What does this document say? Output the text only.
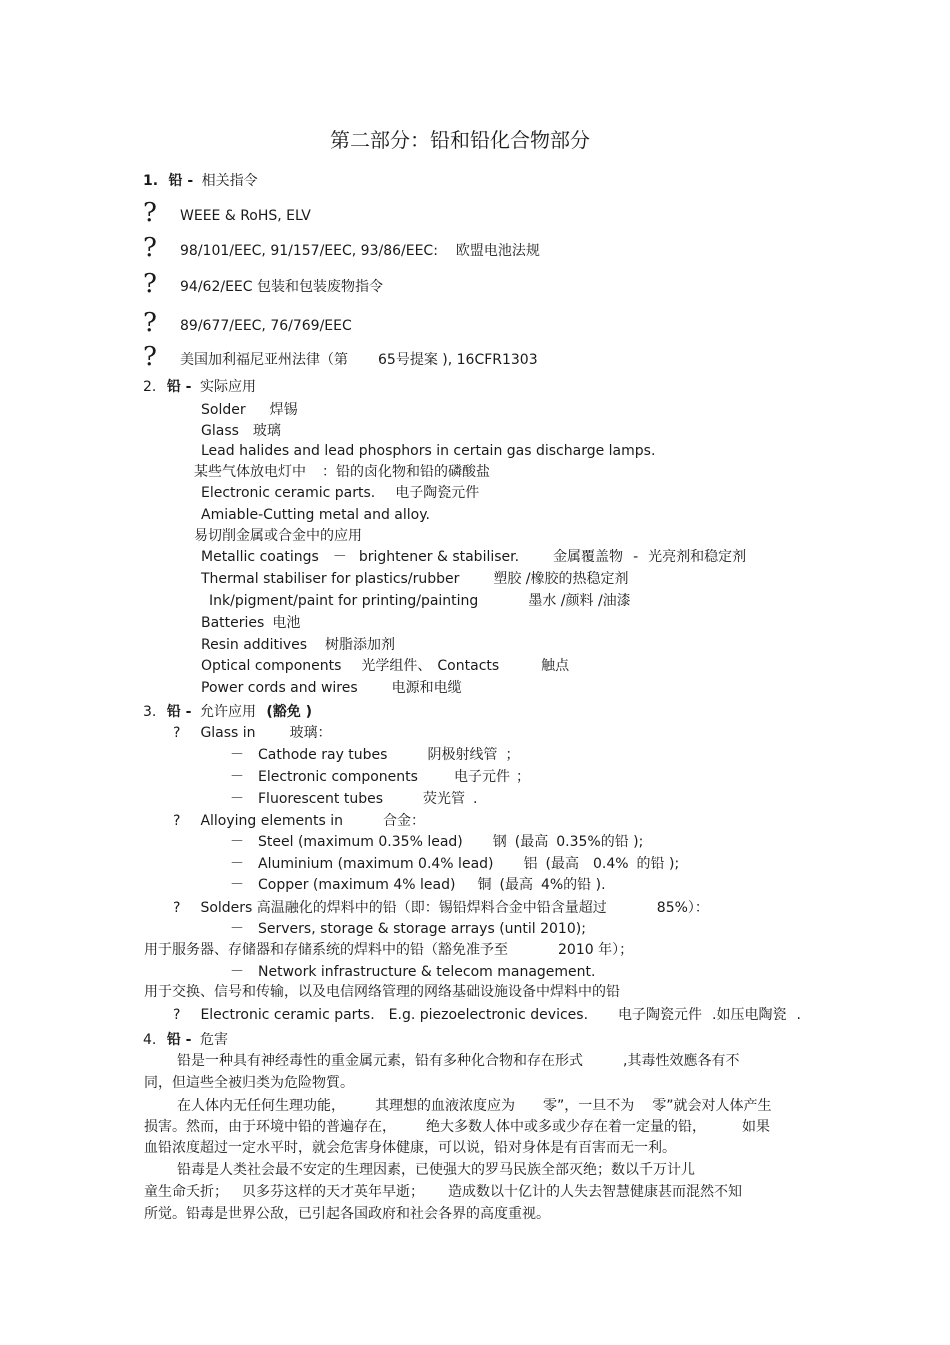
第二部分：铅和铅化合物部分
1. 铅 - 相关指令
? WEEE & RoHS, ELV
? 98/101/EEC, 91/157/EEC, 93/86/EEC: 欧盟电池法规
? 94/62/EEC 包装和包装废物指令
? 89/677/EEC, 76/769/EEC
? 美国加利福尼亚州法律（第 65号提案 ), 16CFR1303
2. 铅 - 实际应用
Solder 焊锡
Glass 玻璃
Lead halides and lead phosphors in certain gas discharge lamps.
某些气体放电灯中 ：铅的卤化物和铅的磷酸盐
Electronic ceramic parts. 电子陶瓷元件
Amiable-Cutting metal and alloy.
易切削金属或合金中的应用
Metallic coatings － brightener & stabiliser. 金属覆盖物 - 光亮剂和稳定剂
Thermal stabiliser for plastics/rubber 塑胶 /橡胶的热稳定剂
Ink/pigment/paint for printing/painting	墨水 /颜料 /油漆
Batteries 电池
Resin additives 树脂添加剂
Optical components 光学组件、 Contacts	触点
Power cords and wires 电源和电缆
3. 铅 - 允许应用 (豁免 )
? Glass in 玻璃：
－ Cathode ray tubes	阴极射线管 ；
－ Electronic components	电子元件 ；
－ Fluorescent tubes	荧光管 .
? Alloying elements in	合金：
－ Steel (maximum 0.35% lead) 钢 (最高 0.35%的铅 );
－ Aluminium (maximum 0.4% lead) 铝 (最高 0.4% 的铅 );
－ Copper (maximum 4% lead) 铜 (最高 4%的铅 ).
? Solders 高温融化的焊料中的铅（即：锡铅焊料合金中铅含量超过	85%）：
－ Servers, storage & storage arrays (until 2010);
用于服务器、存储器和存储系统的焊料中的铅（豁免准予至	2010 年）；
－ Network infrastructure & telecom management.
用于交换、信号和传输，以及电信网络管理的网络基础设施设备中焊料中的铅
? Electronic ceramic parts. E.g. piezoelectronic devices. 电子陶瓷元件 .如压电陶瓷 .
4. 铅 - 危害
铅是一种具有神经毒性的重金属元素，铅有多种化合物和存在形式	,其毒性效應各有不
同，但這些全被归类为危险物質。
在人体内无任何生理功能， 其理想的血液浓度应为 零”，一旦不为 零”就会对人体产生
损害。然而，由于环境中铅的普遍存在， 绝大多数人体中或多或少存在着一定量的铅，	如果
血铅浓度超过一定水平时，就会危害身体健康，可以说，铅对身体是有百害而无一利。
铅毒是人类社会最不安定的生理因素，已使强大的罗马民族全部灭绝；数以千万计儿
童生命夭折； 贝多芬这样的天才英年早逝； 造成数以十亿计的人失去智慧健康甚而混然不知
所觉。铅毒是世界公敌，已引起各国政府和社会各界的高度重视。
